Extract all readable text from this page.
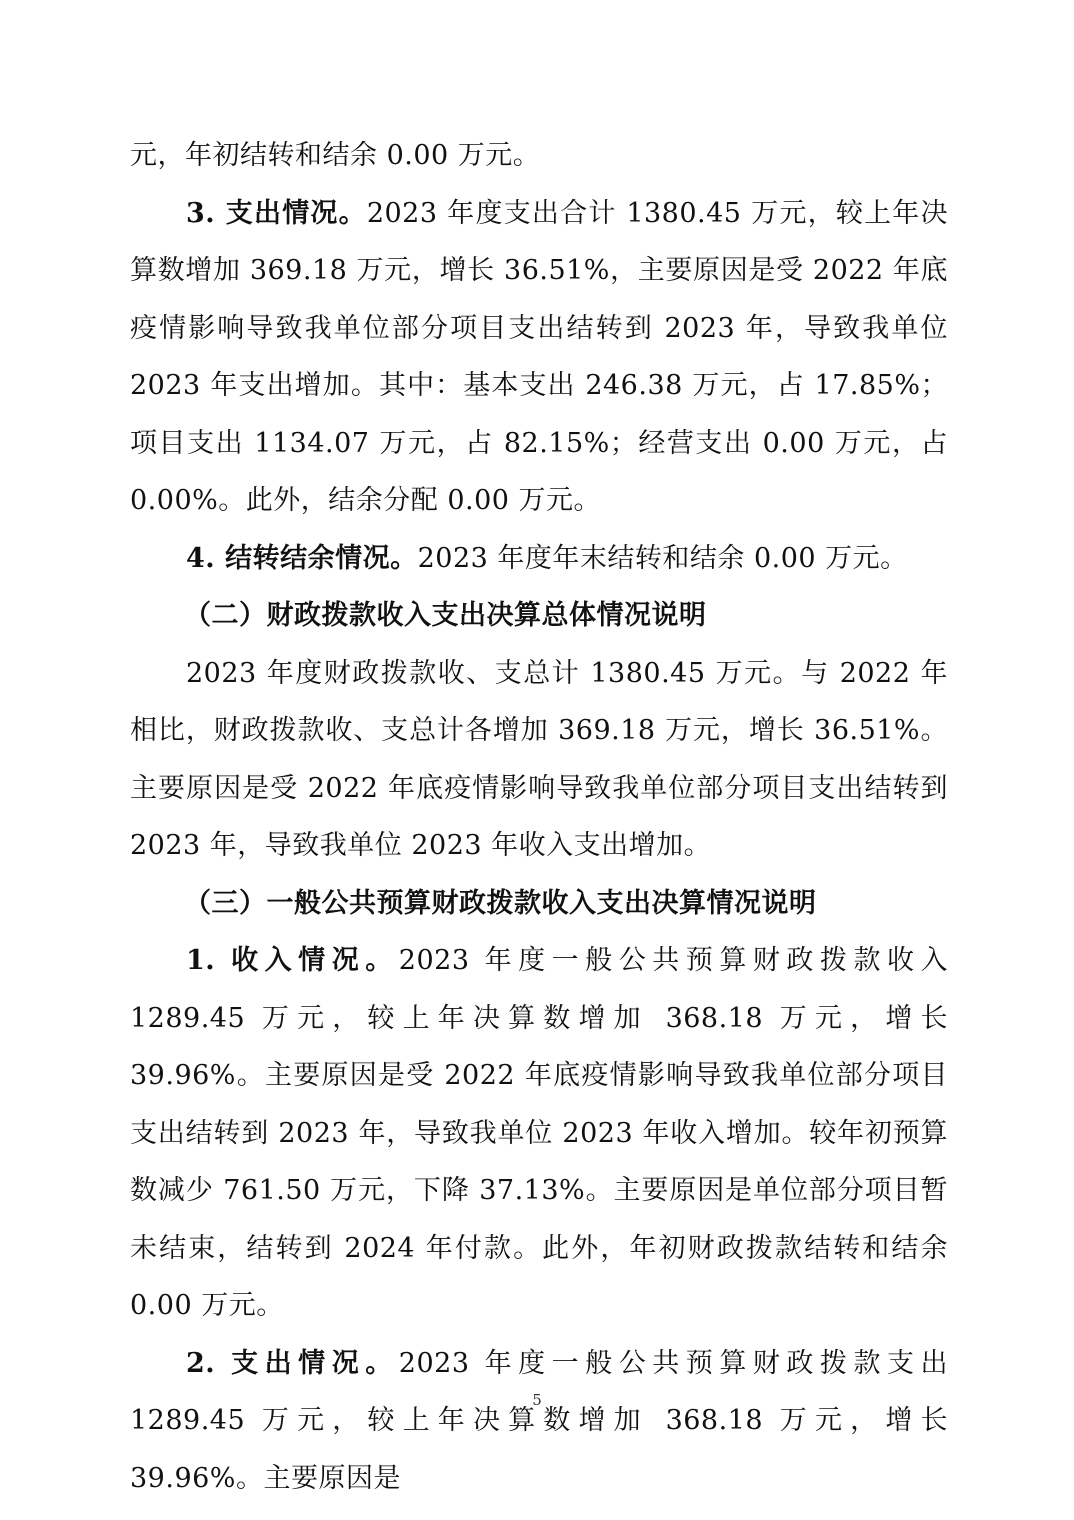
元，年初结转和结余 0.00 万元。

3. 支出情况。2023 年度支出合计 1380.45 万元，较上年决算数增加 369.18 万元，增长 36.51%，主要原因是受 2022 年底疫情影响导致我单位部分项目支出结转到 2023 年，导致我单位 2023 年支出增加。其中：基本支出 246.38 万元，占 17.85%；项目支出 1134.07 万元，占 82.15%；经营支出 0.00 万元，占 0.00%。此外，结余分配 0.00 万元。

4. 结转结余情况。2023 年度年末结转和结余 0.00 万元。

（二）财政拨款收入支出决算总体情况说明

2023 年度财政拨款收、支总计 1380.45 万元。与 2022 年相比，财政拨款收、支总计各增加 369.18 万元，增长 36.51%。主要原因是受 2022 年底疫情影响导致我单位部分项目支出结转到 2023 年，导致我单位 2023 年收入支出增加。

（三）一般公共预算财政拨款收入支出决算情况说明

1. 收入情况。2023 年度一般公共预算财政拨款收入 1289.45 万元，较上年决算数增加 368.18 万元，增长 39.96%。主要原因是受 2022 年底疫情影响导致我单位部分项目支出结转到 2023 年，导致我单位 2023 年收入增加。较年初预算数减少 761.50 万元，下降 37.13%。主要原因是单位部分项目暂未结束，结转到 2024 年付款。此外，年初财政拨款结转和结余 0.00 万元。

2. 支出情况。2023 年度一般公共预算财政拨款支出 1289.45 万元，较上年决算数增加 368.18 万元，增长 39.96%。主要原因是

5
